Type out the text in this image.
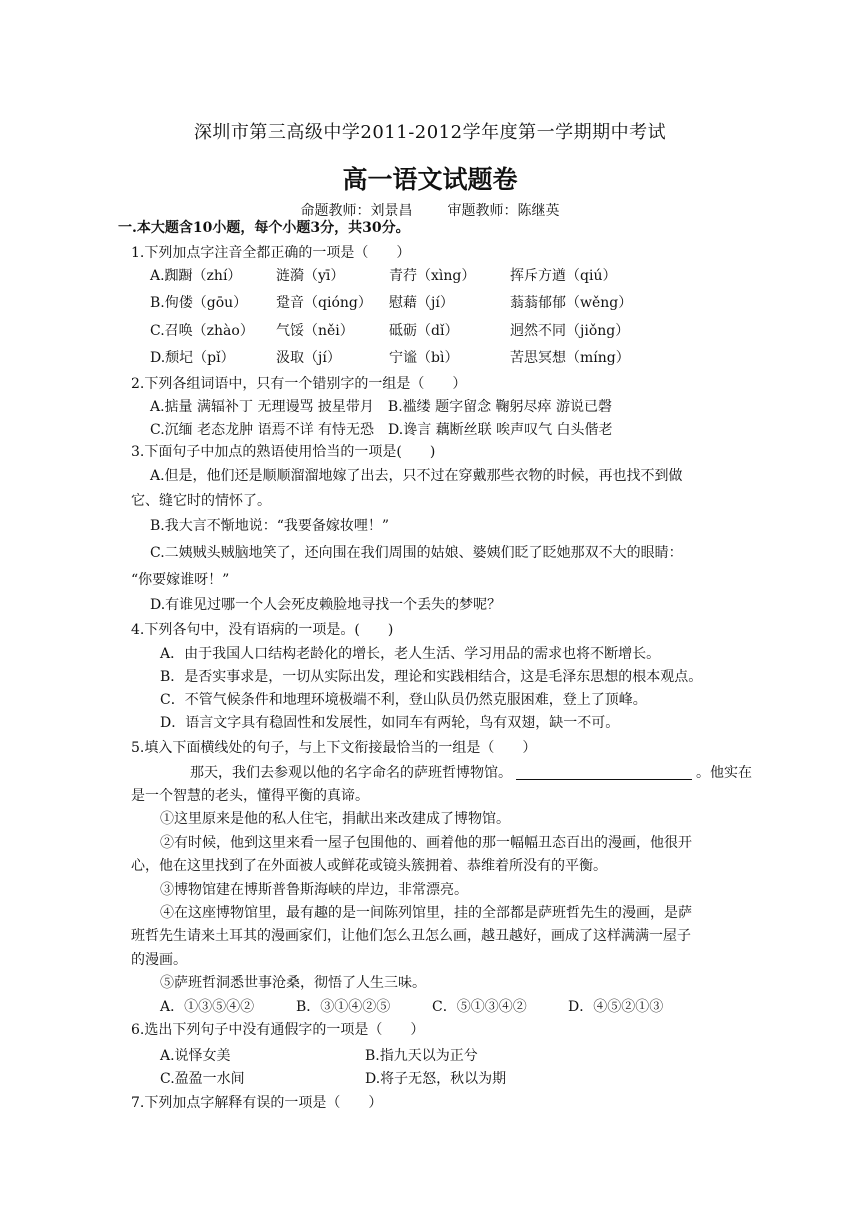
深圳市第三高级中学2011-2012学年度第一学期期中考试
高一语文试题卷
命题教师：刘景昌 审题教师：陈继英
一.本大题含10小题，每个小题3分，共30分。
1.下列加点字注音全都正确的一项是（　　）
A.踟蹰（zhí） 涟漪（yī）	青荇（xìng） 挥斥方遒（qiú）
B.佝偻（gōu） 跫音（qióng） 慰藉（jí）	蓊蓊郁郁（wěng）
C.召唤（zhào） 气馁（něi）	砥砺（dǐ）	迥然不同（jiǒng）
D.颓圮（pǐ）	汲取（jí）	宁谧（bì）	苦思冥想（míng）
2.下列各组词语中，只有一个错别字的一组是（　　）
A.掂量 满辐补丁 无理谩骂 披星带月　B.褴缕 题字留念 鞠躬尽瘁 游说已磬
C.沉缅 老态龙肿 语焉不详 有恃无恐　D.谗言 藕断丝联 唉声叹气 白头偕老
3.下面句子中加点的熟语使用恰当的一项是(　　)
A.但是，他们还是顺顺溜溜地嫁了出去，只不过在穿戴那些衣物的时候，再也找不到做
它、缝它时的情怀了。
B.我大言不惭地说：“我要备嫁妆哩！”
C.二姨贼头贼脑地笑了，还向围在我们周围的姑娘、婆姨们眨了眨她那双不大的眼睛：
“你要嫁谁呀！”
D.有谁见过哪一个人会死皮赖脸地寻找一个丢失的梦呢？
4.下列各句中，没有语病的一项是。(　　)
A．由于我国人口结构老龄化的增长，老人生活、学习用品的需求也将不断增长。
B．是否实事求是，一切从实际出发，理论和实践相结合，这是毛泽东思想的根本观点。
C．不管气候条件和地理环境极端不利，登山队员仍然克服困难，登上了顶峰。
D．语言文字具有稳固性和发展性，如同车有两轮，鸟有双翅，缺一不可。
5.填入下面横线处的句子，与上下文衔接最恰当的一组是（　　）
那天，我们去参观以他的名字命名的萨班哲博物馆。	。他实在
是一个智慧的老头，懂得平衡的真谛。
①这里原来是他的私人住宅，捐献出来改建成了博物馆。
②有时候，他到这里来看一屋子包围他的、画着他的那一幅幅丑态百出的漫画，他很开
心，他在这里找到了在外面被人或鲜花或镜头簇拥着、恭维着所没有的平衡。
③博物馆建在博斯普鲁斯海峡的岸边，非常漂亮。
④在这座博物馆里，最有趣的是一间陈列馆里，挂的全部都是萨班哲先生的漫画，是萨
班哲先生请来土耳其的漫画家们，让他们怎么丑怎么画，越丑越好，画成了这样满满一屋子
的漫画。
⑤萨班哲洞悉世事沧桑，彻悟了人生三味。
A．①③⑤④②	B．③①④②⑤	C．⑤①③④②	D．④⑤②①③
6.选出下列句子中没有通假字的一项是（　　）
A.说怿女美	B.指九天以为正兮
C.盈盈一水间	D.将子无怒，秋以为期
7.下列加点字解释有误的一项是（　　）
